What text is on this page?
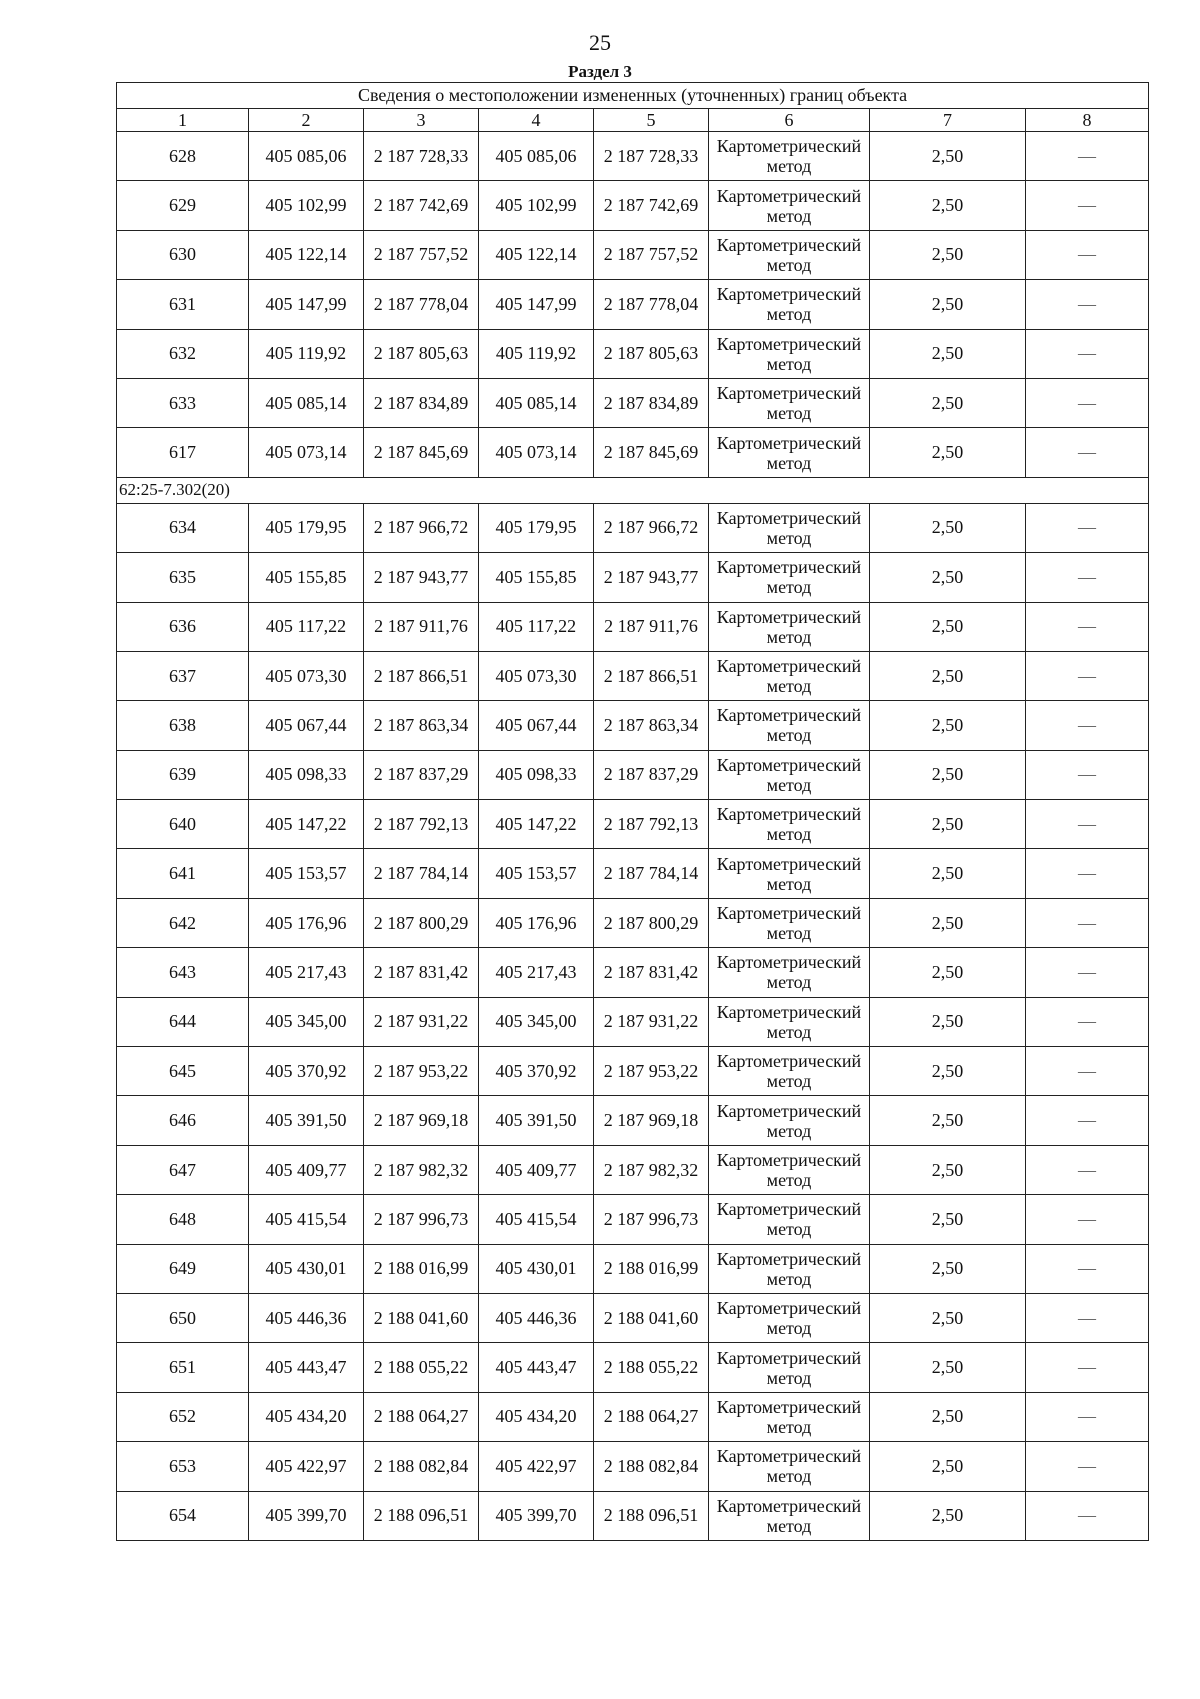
25
Раздел 3
Сведения о местоположении измененных (уточненных) границ объекта							
1	2	3	4	5	6	7	8
628	405 085,06	2 187 728,33	405 085,06	2 187 728,33	Картометрический метод	2,50	—
629	405 102,99	2 187 742,69	405 102,99	2 187 742,69	Картометрический метод	2,50	—
630	405 122,14	2 187 757,52	405 122,14	2 187 757,52	Картометрический метод	2,50	—
631	405 147,99	2 187 778,04	405 147,99	2 187 778,04	Картометрический метод	2,50	—
632	405 119,92	2 187 805,63	405 119,92	2 187 805,63	Картометрический метод	2,50	—
633	405 085,14	2 187 834,89	405 085,14	2 187 834,89	Картометрический метод	2,50	—
617	405 073,14	2 187 845,69	405 073,14	2 187 845,69	Картометрический метод	2,50	—
62:25-7.302(20)							
634	405 179,95	2 187 966,72	405 179,95	2 187 966,72	Картометрический метод	2,50	—
635	405 155,85	2 187 943,77	405 155,85	2 187 943,77	Картометрический метод	2,50	—
636	405 117,22	2 187 911,76	405 117,22	2 187 911,76	Картометрический метод	2,50	—
637	405 073,30	2 187 866,51	405 073,30	2 187 866,51	Картометрический метод	2,50	—
638	405 067,44	2 187 863,34	405 067,44	2 187 863,34	Картометрический метод	2,50	—
639	405 098,33	2 187 837,29	405 098,33	2 187 837,29	Картометрический метод	2,50	—
640	405 147,22	2 187 792,13	405 147,22	2 187 792,13	Картометрический метод	2,50	—
641	405 153,57	2 187 784,14	405 153,57	2 187 784,14	Картометрический метод	2,50	—
642	405 176,96	2 187 800,29	405 176,96	2 187 800,29	Картометрический метод	2,50	—
643	405 217,43	2 187 831,42	405 217,43	2 187 831,42	Картометрический метод	2,50	—
644	405 345,00	2 187 931,22	405 345,00	2 187 931,22	Картометрический метод	2,50	—
645	405 370,92	2 187 953,22	405 370,92	2 187 953,22	Картометрический метод	2,50	—
646	405 391,50	2 187 969,18	405 391,50	2 187 969,18	Картометрический метод	2,50	—
647	405 409,77	2 187 982,32	405 409,77	2 187 982,32	Картометрический метод	2,50	—
648	405 415,54	2 187 996,73	405 415,54	2 187 996,73	Картометрический метод	2,50	—
649	405 430,01	2 188 016,99	405 430,01	2 188 016,99	Картометрический метод	2,50	—
650	405 446,36	2 188 041,60	405 446,36	2 188 041,60	Картометрический метод	2,50	—
651	405 443,47	2 188 055,22	405 443,47	2 188 055,22	Картометрический метод	2,50	—
652	405 434,20	2 188 064,27	405 434,20	2 188 064,27	Картометрический метод	2,50	—
653	405 422,97	2 188 082,84	405 422,97	2 188 082,84	Картометрический метод	2,50	—
654	405 399,70	2 188 096,51	405 399,70	2 188 096,51	Картометрический метод	2,50	—
